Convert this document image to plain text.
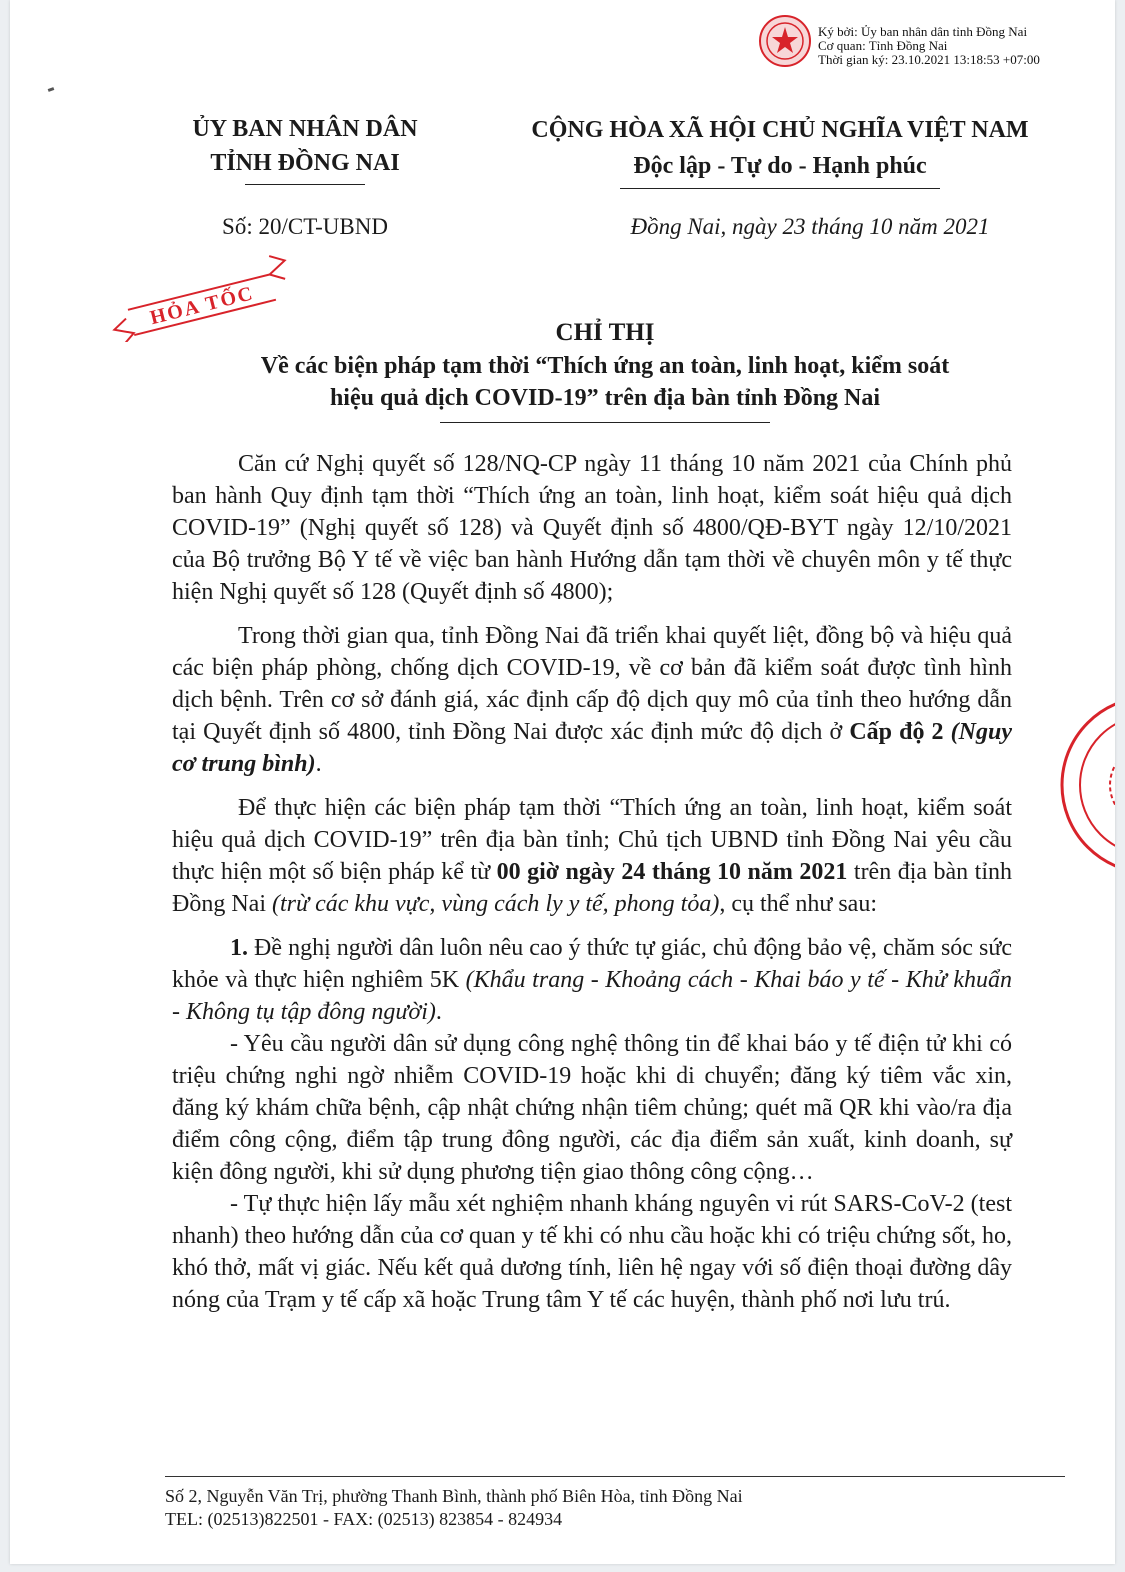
Ký bởi: Ủy ban nhân dân tỉnh Đồng Nai
Cơ quan: Tỉnh Đồng Nai
Thời gian ký: 23.10.2021 13:18:53 +07:00
ỦY BAN NHÂN DÂN
TỈNH ĐỒNG NAI
CỘNG HÒA XÃ HỘI CHỦ NGHĨA VIỆT NAM
Độc lập - Tự do - Hạnh phúc
Số: 20/CT-UBND	Đồng Nai, ngày 23 tháng 10 năm 2021
HỎA TỐC
CHỈ THỊ
Về các biện pháp tạm thời “Thích ứng an toàn, linh hoạt, kiểm soát
hiệu quả dịch COVID-19” trên địa bàn tỉnh Đồng Nai

Căn cứ Nghị quyết số 128/NQ-CP ngày 11 tháng 10 năm 2021 của Chính phủ ban hành Quy định tạm thời “Thích ứng an toàn, linh hoạt, kiểm soát hiệu quả dịch COVID-19” (Nghị quyết số 128) và Quyết định số 4800/QĐ-BYT ngày 12/10/2021 của Bộ trưởng Bộ Y tế về việc ban hành Hướng dẫn tạm thời về chuyên môn y tế thực hiện Nghị quyết số 128 (Quyết định số 4800);

Trong thời gian qua, tỉnh Đồng Nai đã triển khai quyết liệt, đồng bộ và hiệu quả các biện pháp phòng, chống dịch COVID-19, về cơ bản đã kiểm soát được tình hình dịch bệnh. Trên cơ sở đánh giá, xác định cấp độ dịch quy mô của tỉnh theo hướng dẫn tại Quyết định số 4800, tỉnh Đồng Nai được xác định mức độ dịch ở Cấp độ 2 (Nguy cơ trung bình).

Để thực hiện các biện pháp tạm thời “Thích ứng an toàn, linh hoạt, kiểm soát hiệu quả dịch COVID-19” trên địa bàn tỉnh; Chủ tịch UBND tỉnh Đồng Nai yêu cầu thực hiện một số biện pháp kể từ 00 giờ ngày 24 tháng 10 năm 2021 trên địa bàn tỉnh Đồng Nai (trừ các khu vực, vùng cách ly y tế, phong tỏa), cụ thể như sau:

1. Đề nghị người dân luôn nêu cao ý thức tự giác, chủ động bảo vệ, chăm sóc sức khỏe và thực hiện nghiêm 5K (Khẩu trang - Khoảng cách - Khai báo y tế - Khử khuẩn - Không tụ tập đông người).

- Yêu cầu người dân sử dụng công nghệ thông tin để khai báo y tế điện tử khi có triệu chứng nghi ngờ nhiễm COVID-19 hoặc khi di chuyển; đăng ký tiêm vắc xin, đăng ký khám chữa bệnh, cập nhật chứng nhận tiêm chủng; quét mã QR khi vào/ra địa điểm công cộng, điểm tập trung đông người, các địa điểm sản xuất, kinh doanh, sự kiện đông người, khi sử dụng phương tiện giao thông công cộng…

- Tự thực hiện lấy mẫu xét nghiệm nhanh kháng nguyên vi rút SARS-CoV-2 (test nhanh) theo hướng dẫn của cơ quan y tế khi có nhu cầu hoặc khi có triệu chứng sốt, ho, khó thở, mất vị giác. Nếu kết quả dương tính, liên hệ ngay với số điện thoại đường dây nóng của Trạm y tế cấp xã hoặc Trung tâm Y tế các huyện, thành phố nơi lưu trú.

Số 2, Nguyễn Văn Trị, phường Thanh Bình, thành phố Biên Hòa, tỉnh Đồng Nai
TEL: (02513)822501 - FAX: (02513) 823854 - 824934
